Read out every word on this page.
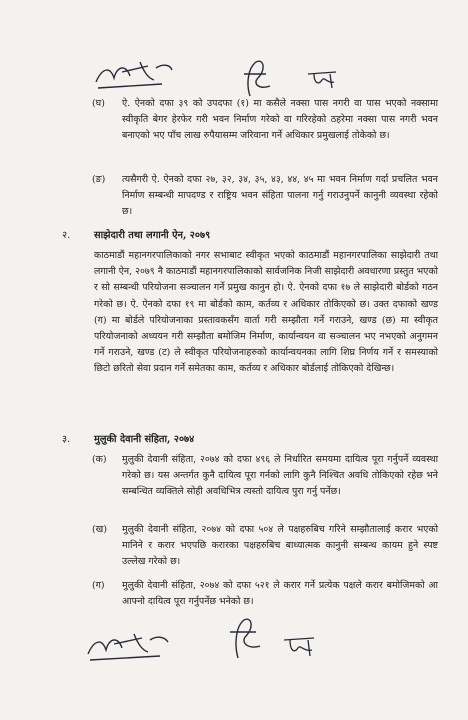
(घ) ऐ. ऐनको दफा ३९ को उपदफा (१) मा कसैले नक्सा पास नगरी वा पास भएको नक्सामा स्वीकृति बेगर हेरफेर गरी भवन निर्माण गरेको वा गरिरहेको ठहरेमा नक्सा पास नगरी भवन बनाएको भए पाँच लाख रुपैयासम्म जरिवाना गर्ने अधिकार प्रमुखलाई तोकेको छ।
(ङ) त्यसैगरी ऐ. ऐनको दफा २७, ३२, ३४, ३५, ४३, ४४, ४५ मा भवन निर्माण गर्दा प्रचलित भवन निर्माण सम्बन्धी मापदण्ड र राष्ट्रिय भवन संहिता पालना गर्नु गराउनुपर्ने कानुनी व्यवस्था रहेको छ।
२. साझेदारी तथा लगानी ऐन, २०७९
काठमाडौं महानगरपालिकाको नगर सभाबाट स्वीकृत भएको काठमाडौं महानगरपालिका साझेदारी तथा लगानी ऐन, २०७९ नै काठमाडौं महानगरपालिकाको सार्वजनिक निजी साझेदारी अवधारणा प्रस्तुत भएको र सो सम्बन्धी परियोजना सञ्चालन गर्ने प्रमुख कानुन हो। ऐ. ऐनको दफा १७ ले साझेदारी बोर्डको गठन गरेको छ। ऐ. ऐनको दफा १९ मा बोर्डको काम, कर्तव्य र अधिकार तोकिएको छ। उक्त दफाको खण्ड (ग) मा बोर्डले परियोजनाका प्रस्तावकसँग वार्ता गरी सम्झौता गर्ने गराउने, खण्ड (छ) मा स्वीकृत परियोजनाको अध्ययन गरी सम्झौता बमोजिम निर्माण, कार्यान्वयन वा सञ्चालन भए नभएको अनुगमन गर्ने गराउने, खण्ड (ट) ले स्वीकृत परियोजनाहरुको कार्यान्वयनका लागि शिघ्र निर्णय गर्ने र समस्याको छिटो छरितो सेवा प्रदान गर्ने समेतका काम, कर्तव्य र अधिकार बोर्डलाई तोकिएको देखिन्छ।
३. मुलुकी देवानी संहिता, २०७४
(क) मुलुकी देवानी संहिता, २०७४ को दफा ४९६ ले निर्धारित समयमा दायित्व पूरा गर्नुपर्ने व्यवस्था गरेको छ। यस अन्तर्गत कुनै दायित्व पूरा गर्नको लागि कुनै निश्चित अवधि तोकिएको रहेछ भने सम्बन्धित व्यक्तिले सोही अवधिभित्र त्यस्तो दायित्व पुरा गर्नु पर्नेछ।
(ख) मुलुकी देवानी संहिता, २०७४ को दफा ५०४ ले पक्षहरुबिच गरिने सम्झौतालाई करार भएको मानिने र करार भएपछि करारका पक्षहरुबिच बाध्यात्मक कानुनी सम्बन्ध कायम हुने स्पष्ट उल्लेख गरेको छ।
(ग) मुलुकी देवानी संहिता, २०७४ को दफा ५२१ ले करार गर्ने प्रत्येक पक्षले करार बमोजिमको आ आफ्नो दायित्व पूरा गर्नुपर्नेछ भनेको छ।
